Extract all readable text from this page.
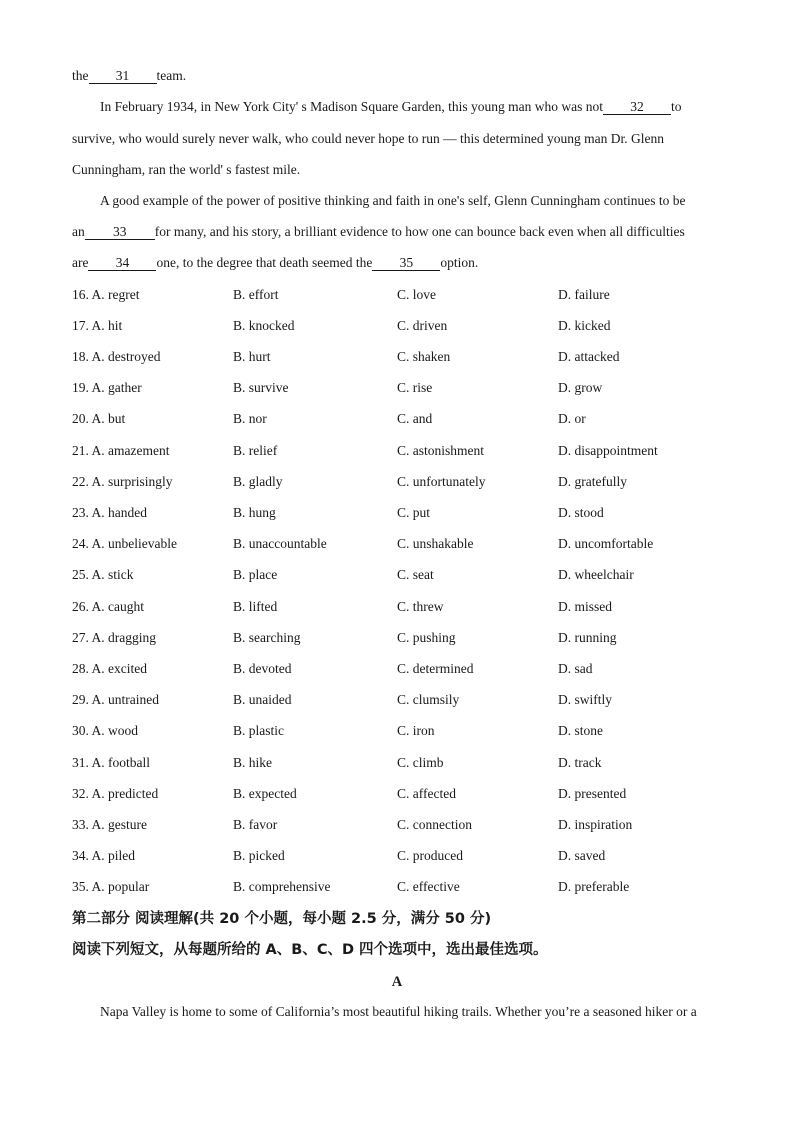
the 31 team.
In February 1934, in New York City' s Madison Square Garden, this young man who was not 32 to
survive, who would surely never walk, who could never hope to run — this determined young man Dr. Glenn
Cunningham, ran the world' s fastest mile.
A good example of the power of positive thinking and faith in one's self, Glenn Cunningham continues to be
an 33 for many, and his story, a brilliant evidence to how one can bounce back even when all difficulties
are 34 one, to the degree that death seemed the 35 option.
16. A. regret	B. effort	C. love	D. failure
17. A. hit	B. knocked	C. driven	D. kicked
18. A. destroyed	B. hurt	C. shaken	D. attacked
19. A. gather	B. survive	C. rise	D. grow
20. A. but	B. nor	C. and	D. or
21. A. amazement	B. relief	C. astonishment	D. disappointment
22. A. surprisingly	B. gladly	C. unfortunately	D. gratefully
23. A. handed	B. hung	C. put	D. stood
24. A. unbelievable	B. unaccountable	C. unshakable	D. uncomfortable
25. A. stick	B. place	C. seat	D. wheelchair
26. A. caught	B. lifted	C. threw	D. missed
27. A. dragging	B. searching	C. pushing	D. running
28. A. excited	B. devoted	C. determined	D. sad
29. A. untrained	B. unaided	C. clumsily	D. swiftly
30. A. wood	B. plastic	C. iron	D. stone
31. A. football	B. hike	C. climb	D. track
32. A. predicted	B. expected	C. affected	D. presented
33. A. gesture	B. favor	C. connection	D. inspiration
34. A. piled	B. picked	C. produced	D. saved
35. A. popular	B. comprehensive	C. effective	D. preferable
第二部分 阅读理解(共 20 个小题，每小题 2.5 分，满分 50 分)
阅读下列短文，从每题所给的 A、B、C、D 四个选项中，选出最佳选项。
A
Napa Valley is home to some of California’s most beautiful hiking trails. Whether you’re a seasoned hiker or a
